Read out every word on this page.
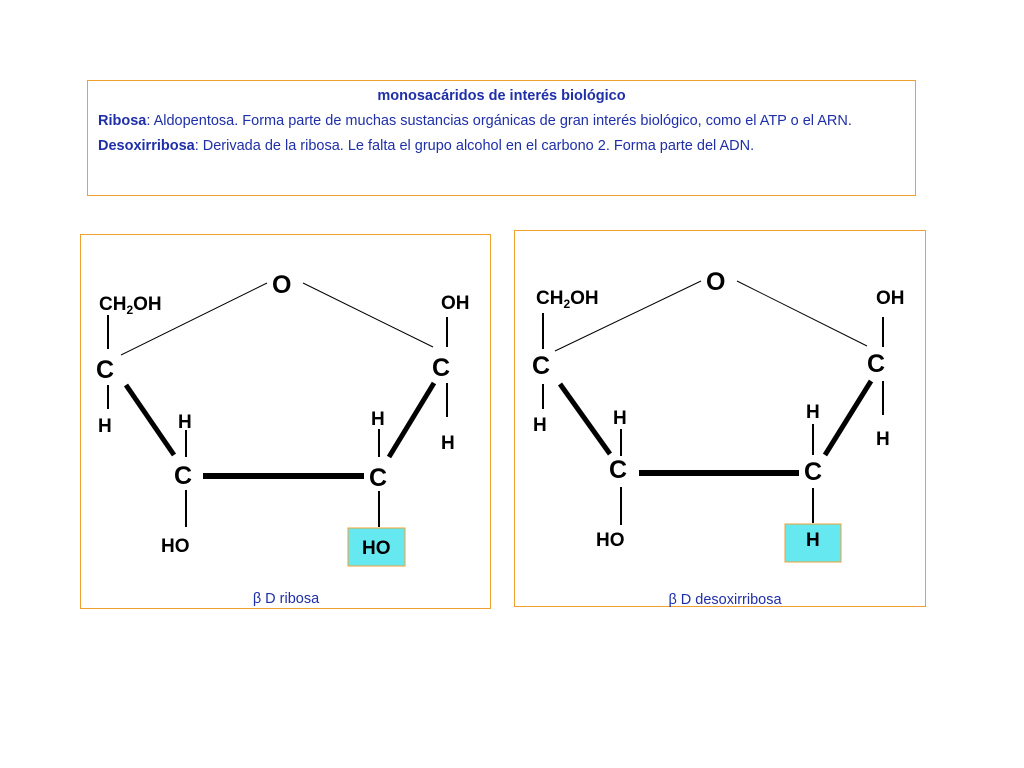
monosacáridos de interés biológico

Ribosa: Aldopentosa. Forma parte de muchas sustancias orgánicas de gran interés biológico, como el ATP o el ARN.

Desoxirribosa: Derivada de la ribosa. Le falta el grupo alcohol en el carbono 2. Forma parte del ADN.

O
$CH_2OH$
C
H	H
C
HO
H
C
HO
OH
C
H
β D ribosa
O
$CH_2OH$
C
H	H
C
HO
H
C
H
OH
C
H
β D desoxirribosa
